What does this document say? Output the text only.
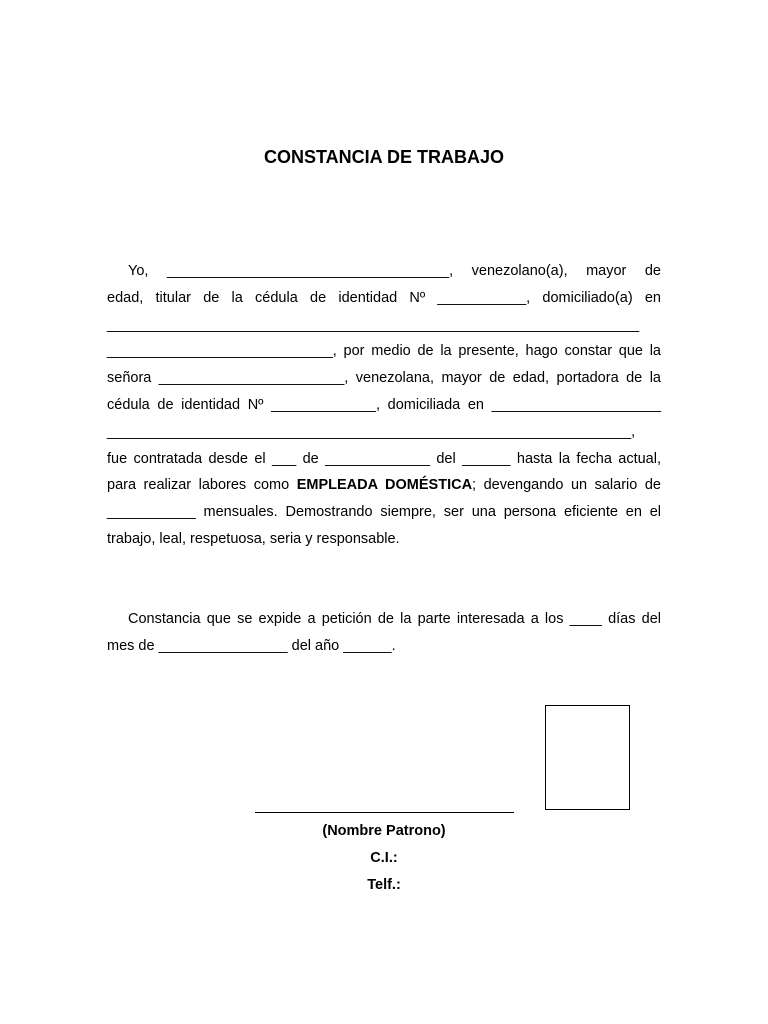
CONSTANCIA DE TRABAJO
Yo, ___________________________________, venezolano(a), mayor de
edad, titular de la cédula de identidad Nº ___________, domiciliado(a) en
__________________________________________________________________
____________________________, por medio de la presente, hago constar que la
señora _______________________, venezolana, mayor de edad, portadora de la
cédula de identidad Nº _____________, domiciliada en _____________________
_________________________________________________________________,
fue contratada desde el ___ de _____________ del ______ hasta la fecha actual,
para realizar labores como EMPLEADA DOMÉSTICA; devengando un salario de
___________ mensuales. Demostrando siempre, ser una persona eficiente en el
trabajo, leal, respetuosa, seria y responsable.
Constancia que se expide a petición de la parte interesada a los ____ días del
mes de ________________ del año ______.
(Nombre Patrono)
C.I.:
Telf.:
